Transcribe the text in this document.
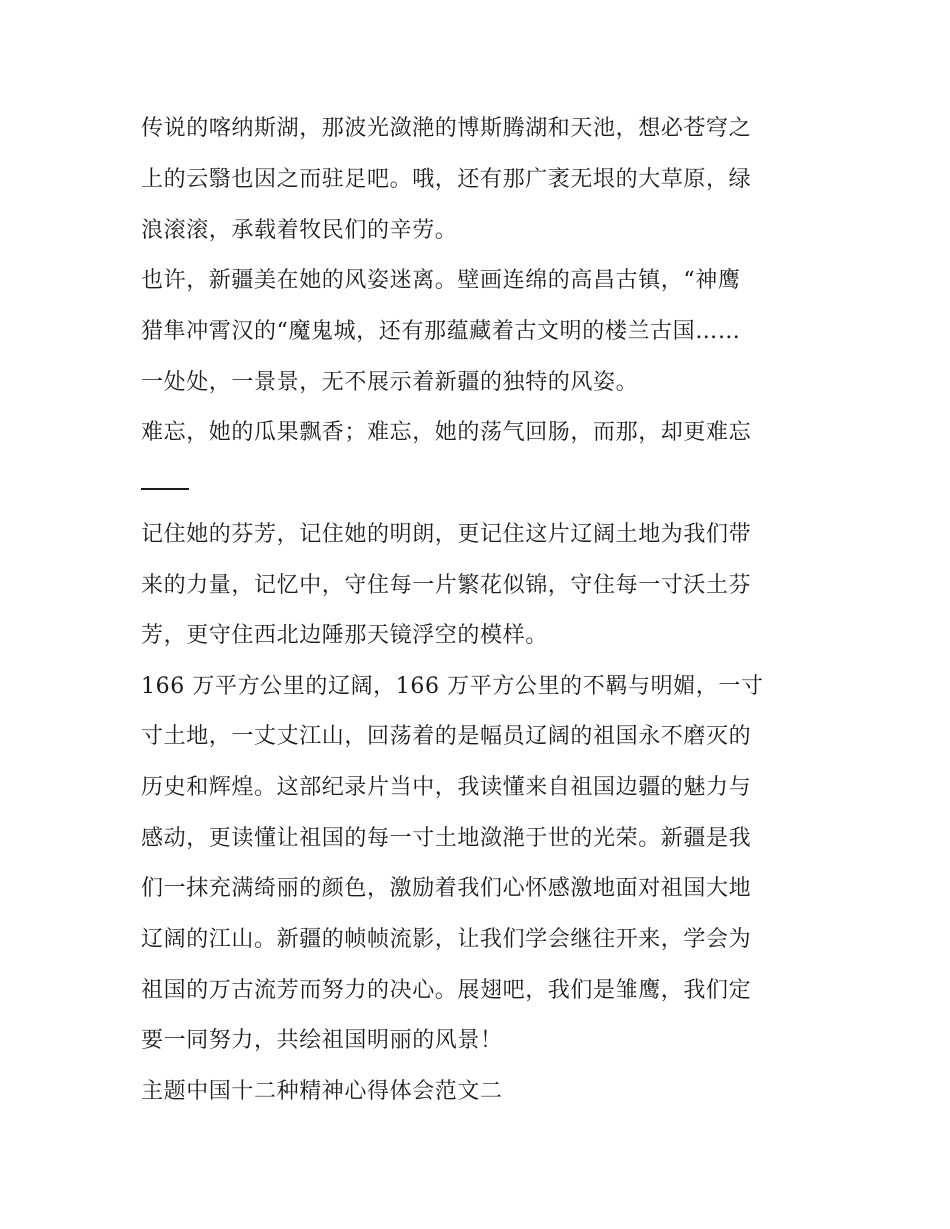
传说的喀纳斯湖，那波光潋滟的博斯腾湖和天池，想必苍穹之
上的云翳也因之而驻足吧。哦，还有那广袤无垠的大草原，绿
浪滚滚，承载着牧民们的辛劳。
也许，新疆美在她的风姿迷离。壁画连绵的高昌古镇，“神鹰
猎隼冲霄汉的“魔鬼城，还有那蕴藏着古文明的楼兰古国……
一处处，一景景，无不展示着新疆的独特的风姿。
难忘，她的瓜果飘香；难忘，她的荡气回肠，而那，却更难忘
记住她的芬芳，记住她的明朗，更记住这片辽阔土地为我们带
来的力量，记忆中，守住每一片繁花似锦，守住每一寸沃土芬
芳，更守住西北边陲那天镜浮空的模样。
166 万平方公里的辽阔，166 万平方公里的不羁与明媚，一寸
寸土地，一丈丈江山，回荡着的是幅员辽阔的祖国永不磨灭的
历史和辉煌。这部纪录片当中，我读懂来自祖国边疆的魅力与
感动，更读懂让祖国的每一寸土地潋滟于世的光荣。新疆是我
们一抹充满绮丽的颜色，激励着我们心怀感激地面对祖国大地
辽阔的江山。新疆的帧帧流影，让我们学会继往开来，学会为
祖国的万古流芳而努力的决心。展翅吧，我们是雏鹰，我们定
要一同努力，共绘祖国明丽的风景！
主题中国十二种精神心得体会范文二
